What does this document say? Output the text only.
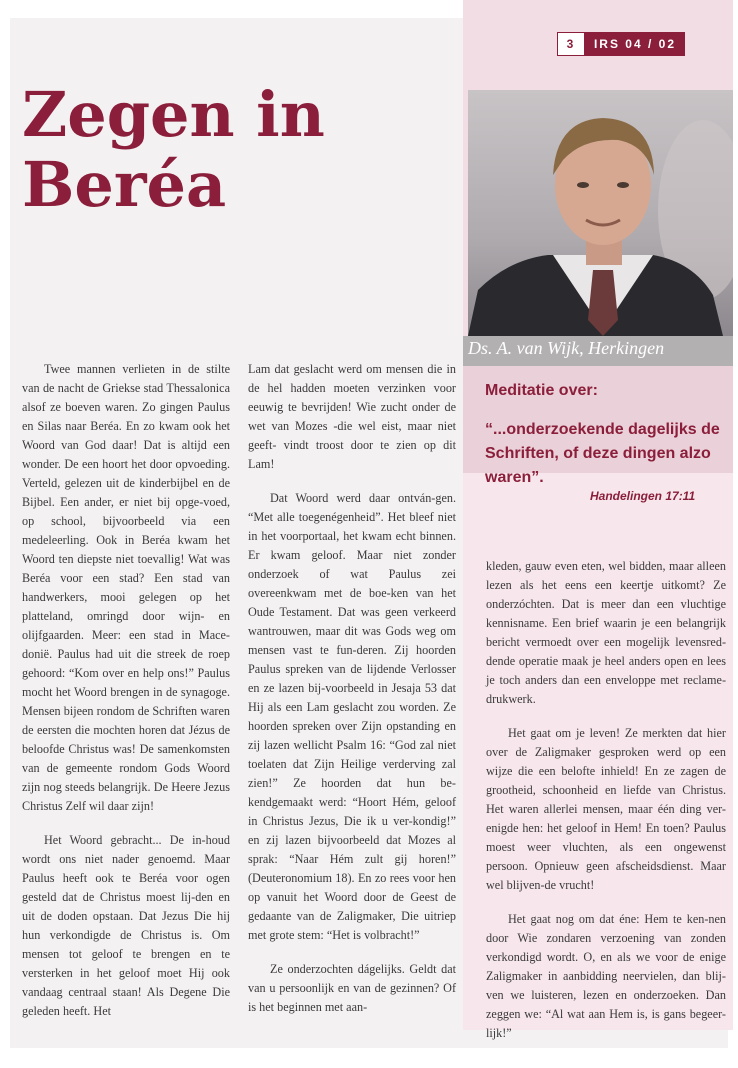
3	IRS 04 / 02
Zegen in
Beréa
Ds. A. van Wijk, Herkingen
Meditatie over:
“...onderzoekende dagelijks de Schriften, of deze dingen alzo waren”.
Handelingen 17:11

Twee mannen verlieten in de stilte van de nacht de Griekse stad Thessalonica alsof ze boeven waren. Zo gingen Paulus en Silas naar Beréa. En zo kwam ook het Woord van God daar! Dat is altijd een wonder. De een hoort het door opvoeding. Verteld, gelezen uit de kinderbijbel en de Bijbel. Een ander, er niet bij opge-voed, op school, bijvoorbeeld via een medeleerling. Ook in Beréa kwam het Woord ten diepste niet toevallig! Wat was Beréa voor een stad? Een stad van handwerkers, mooi gelegen op het platteland, omringd door wijn- en olijfgaarden. Meer: een stad in Mace-donië. Paulus had uit die streek de roep gehoord: “Kom over en help ons!” Paulus mocht het Woord brengen in de synagoge. Mensen bijeen rondom de Schriften waren de eersten die mochten horen dat Jézus de beloofde Christus was! De samenkomsten van de gemeente rondom Gods Woord zijn nog steeds belangrijk. De Heere Jezus Christus Zelf wil daar zijn!

Het Woord gebracht... De in-houd wordt ons niet nader genoemd. Maar Paulus heeft ook te Beréa voor ogen gesteld dat de Christus moest lij-den en uit de doden opstaan. Dat Jezus Die hij hun verkondigde de Christus is. Om mensen tot geloof te brengen en te versterken in het geloof moet Hij ook vandaag centraal staan! Als Degene Die geleden heeft. Het

Lam dat geslacht werd om mensen die in de hel hadden moeten verzinken voor eeuwig te bevrijden! Wie zucht onder de wet van Mozes -die wel eist, maar niet geeft- vindt troost door te zien op dit Lam!

Dat Woord werd daar ontván-gen. “Met alle toegenégenheid”. Het bleef niet in het voorportaal, het kwam echt binnen. Er kwam geloof. Maar niet zonder onderzoek of wat Paulus zei overeenkwam met de boe-ken van het Oude Testament. Dat was geen verkeerd wantrouwen, maar dit was Gods weg om mensen vast te fun-deren. Zij hoorden Paulus spreken van de lijdende Verlosser en ze lazen bij-voorbeeld in Jesaja 53 dat Hij als een Lam geslacht zou worden. Ze hoorden spreken over Zijn opstanding en zij lazen wellicht Psalm 16: “God zal niet toelaten dat Zijn Heilige verderving zal zien!” Ze hoorden dat hun be-kendgemaakt werd: “Hoort Hém, geloof in Christus Jezus, Die ik u ver-kondig!” en zij lazen bijvoorbeeld dat Mozes al sprak: “Naar Hém zult gij horen!” (Deuteronomium 18). En zo rees voor hen op vanuit het Woord door de Geest de gedaante van de Zaligmaker, Die uitriep met grote stem: “Het is volbracht!”

Ze onderzochten dágelijks. Geldt dat van u persoonlijk en van de gezinnen? Of is het beginnen met aan-

kleden, gauw even eten, wel bidden, maar alleen lezen als het eens een keertje uitkomt? Ze onderzóchten. Dat is meer dan een vluchtige kennisname. Een brief waarin je een belangrijk bericht vermoedt over een mogelijk levensred-dende operatie maak je heel anders open en lees je toch anders dan een enveloppe met reclame-drukwerk.

Het gaat om je leven! Ze merkten dat hier over de Zaligmaker gesproken werd op een wijze die een belofte inhield! En ze zagen de grootheid, schoonheid en liefde van Christus. Het waren allerlei mensen, maar één ding ver-enigde hen: het geloof in Hem! En toen? Paulus moest weer vluchten, als een ongewenst persoon. Opnieuw geen afscheidsdienst. Maar wel blijven-de vrucht!

Het gaat nog om dat éne: Hem te ken-nen door Wie zondaren verzoening van zonden verkondigd wordt. O, en als we voor de enige Zaligmaker in aanbidding neervielen, dan blij-ven we luisteren, lezen en onderzoeken. Dan zeggen we: “Al wat aan Hem is, is gans begeer-lijk!”
